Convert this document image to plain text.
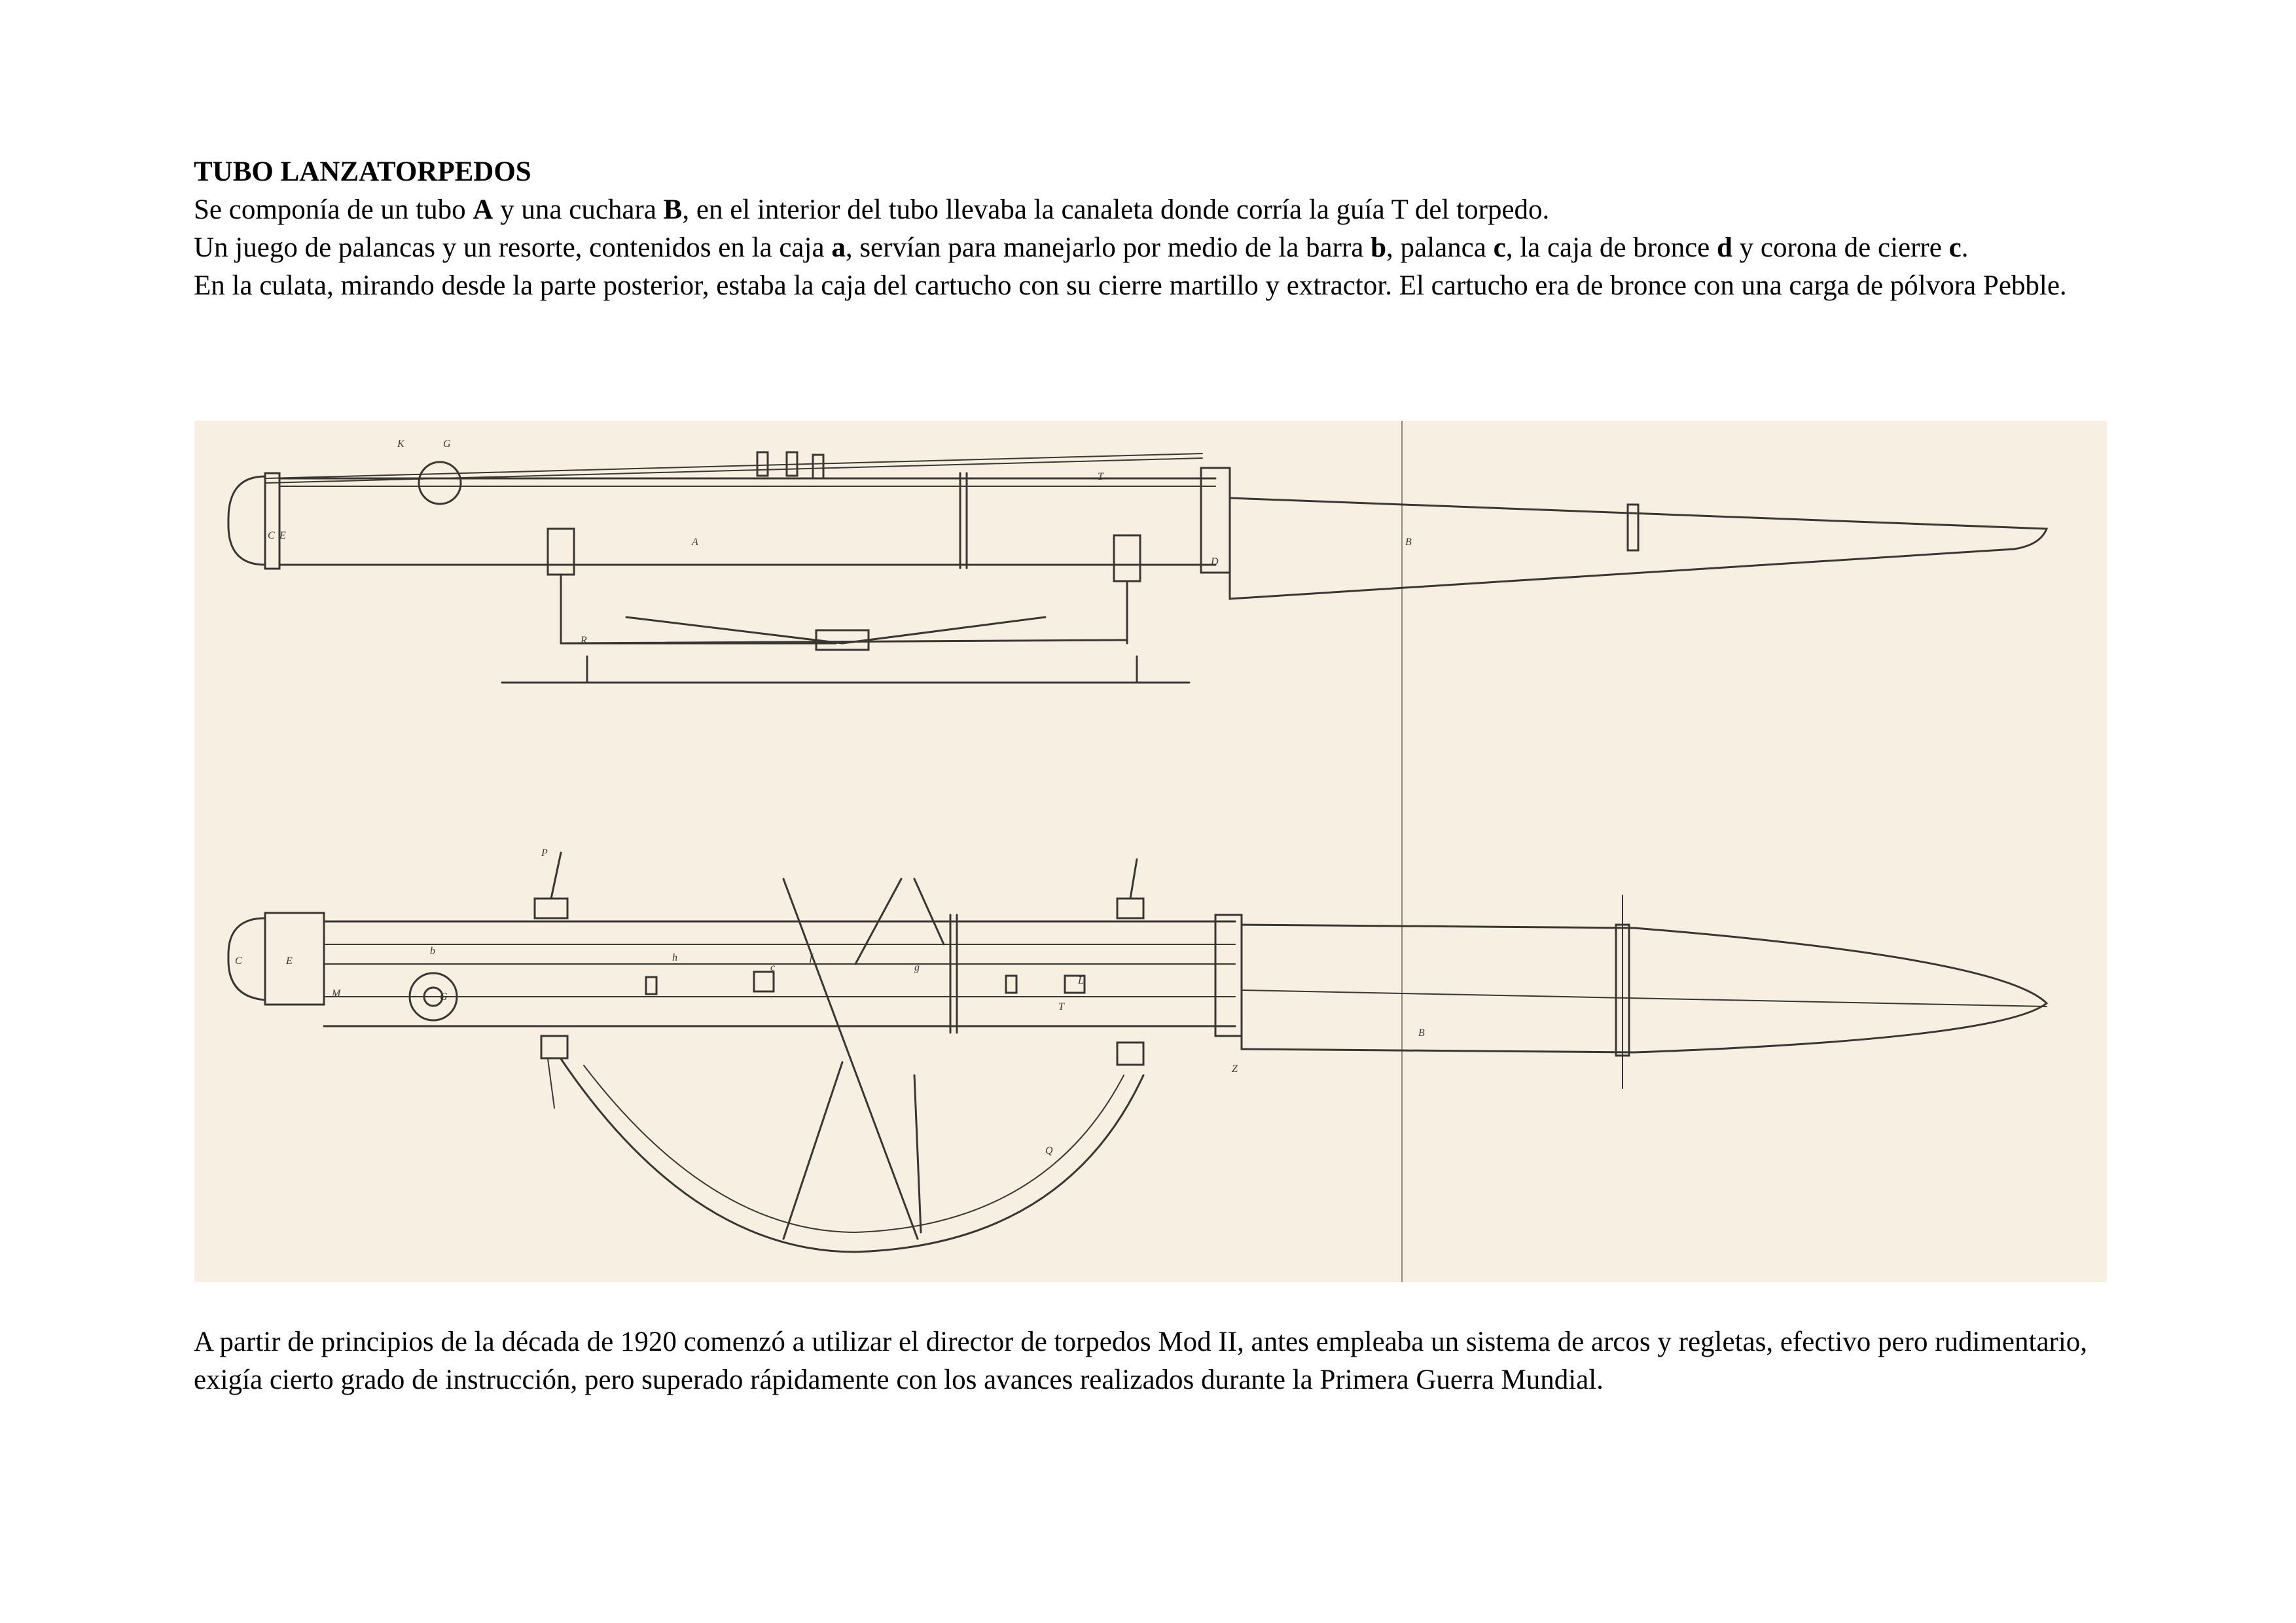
TUBO LANZATORPEDOS

Se componía de un tubo A y una cuchara B, en el interior del tubo llevaba la canaleta donde corría la guía T del torpedo.

Un juego de palancas y un resorte, contenidos en la caja a, servían para manejarlo por medio de la barra b, palanca c, la caja de bronce d y corona de cierre c.

En la culata, mirando desde la parte posterior, estaba la caja del cartucho con su cierre martillo y extractor. El cartucho era de bronce con una carga de pólvora Pebble.

A	B
D
C E
R
T
K	G
P
Q
B
b
h
g
f
c
M	G
L
Z
C	E
T

A partir de principios de la década de 1920 comenzó a utilizar el director de torpedos Mod II, antes empleaba un sistema de arcos y regletas, efectivo pero rudimentario, exigía cierto grado de instrucción, pero superado rápidamente con los avances realizados durante la Primera Guerra Mundial.
